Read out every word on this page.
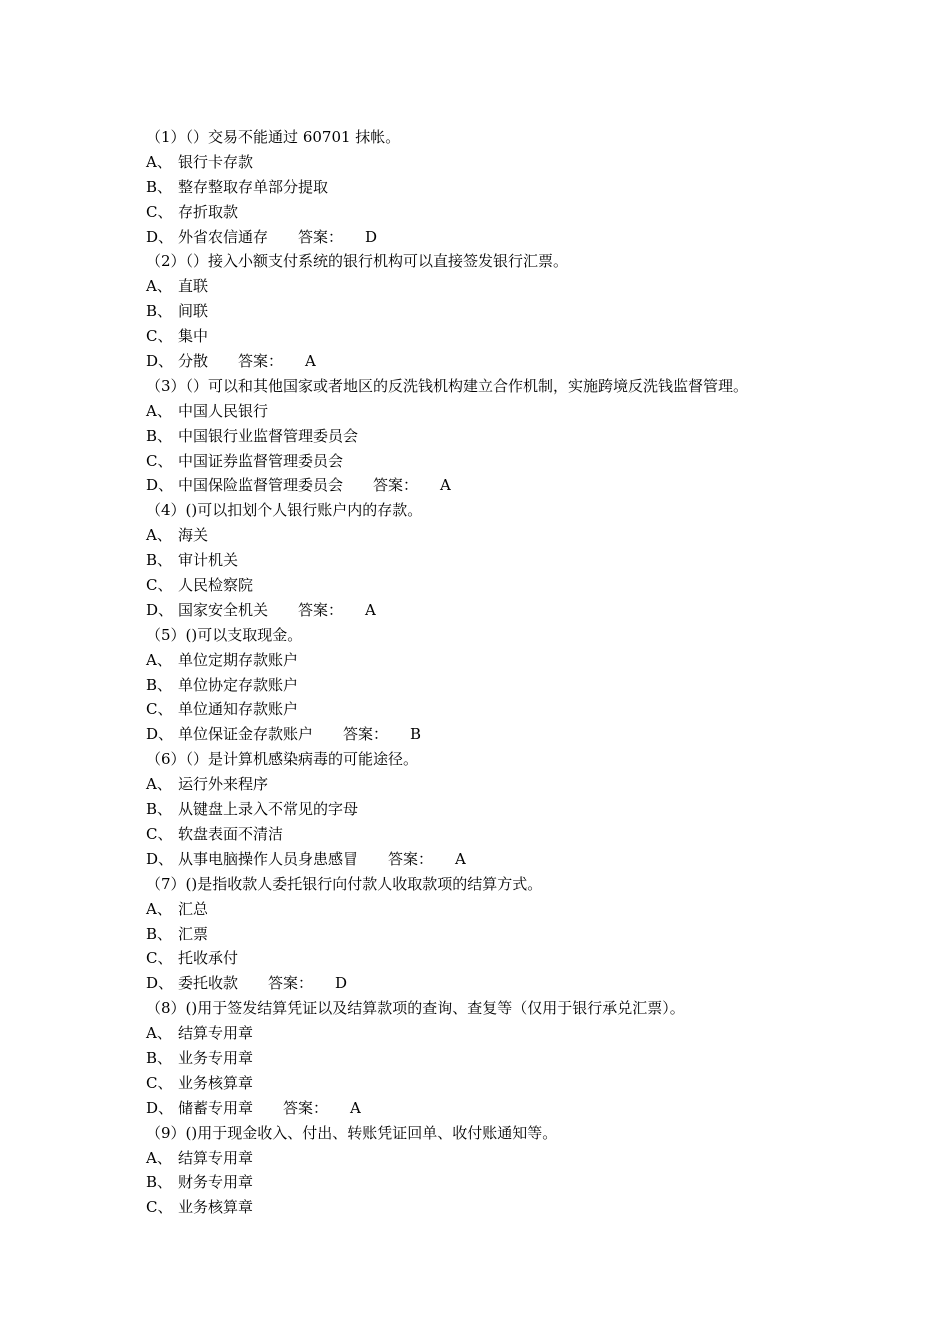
（1）（）交易不能通过 60701 抹帐。
A、 银行卡存款
B、 整存整取存单部分提取
C、 存折取款
D、 外省农信通存 答案： D
（2）（）接入小额支付系统的银行机构可以直接签发银行汇票。
A、 直联
B、 间联
C、 集中
D、 分散 答案： A
（3）（）可以和其他国家或者地区的反洗钱机构建立合作机制，实施跨境反洗钱监督管理。
A、 中国人民银行
B、 中国银行业监督管理委员会
C、 中国证券监督管理委员会
D、 中国保险监督管理委员会 答案： A
（4）()可以扣划个人银行账户内的存款。
A、 海关
B、 审计机关
C、 人民检察院
D、 国家安全机关 答案： A
（5）()可以支取现金。
A、 单位定期存款账户
B、 单位协定存款账户
C、 单位通知存款账户
D、 单位保证金存款账户 答案： B
（6）（）是计算机感染病毒的可能途径。
A、 运行外来程序
B、 从键盘上录入不常见的字母
C、 软盘表面不清洁
D、 从事电脑操作人员身患感冒 答案： A
（7）()是指收款人委托银行向付款人收取款项的结算方式。
A、 汇总
B、 汇票
C、 托收承付
D、 委托收款 答案： D
（8）()用于签发结算凭证以及结算款项的查询、查复等（仅用于银行承兑汇票）。
A、 结算专用章
B、 业务专用章
C、 业务核算章
D、 储蓄专用章 答案： A
（9）()用于现金收入、付出、转账凭证回单、收付账通知等。
A、 结算专用章
B、 财务专用章
C、 业务核算章
